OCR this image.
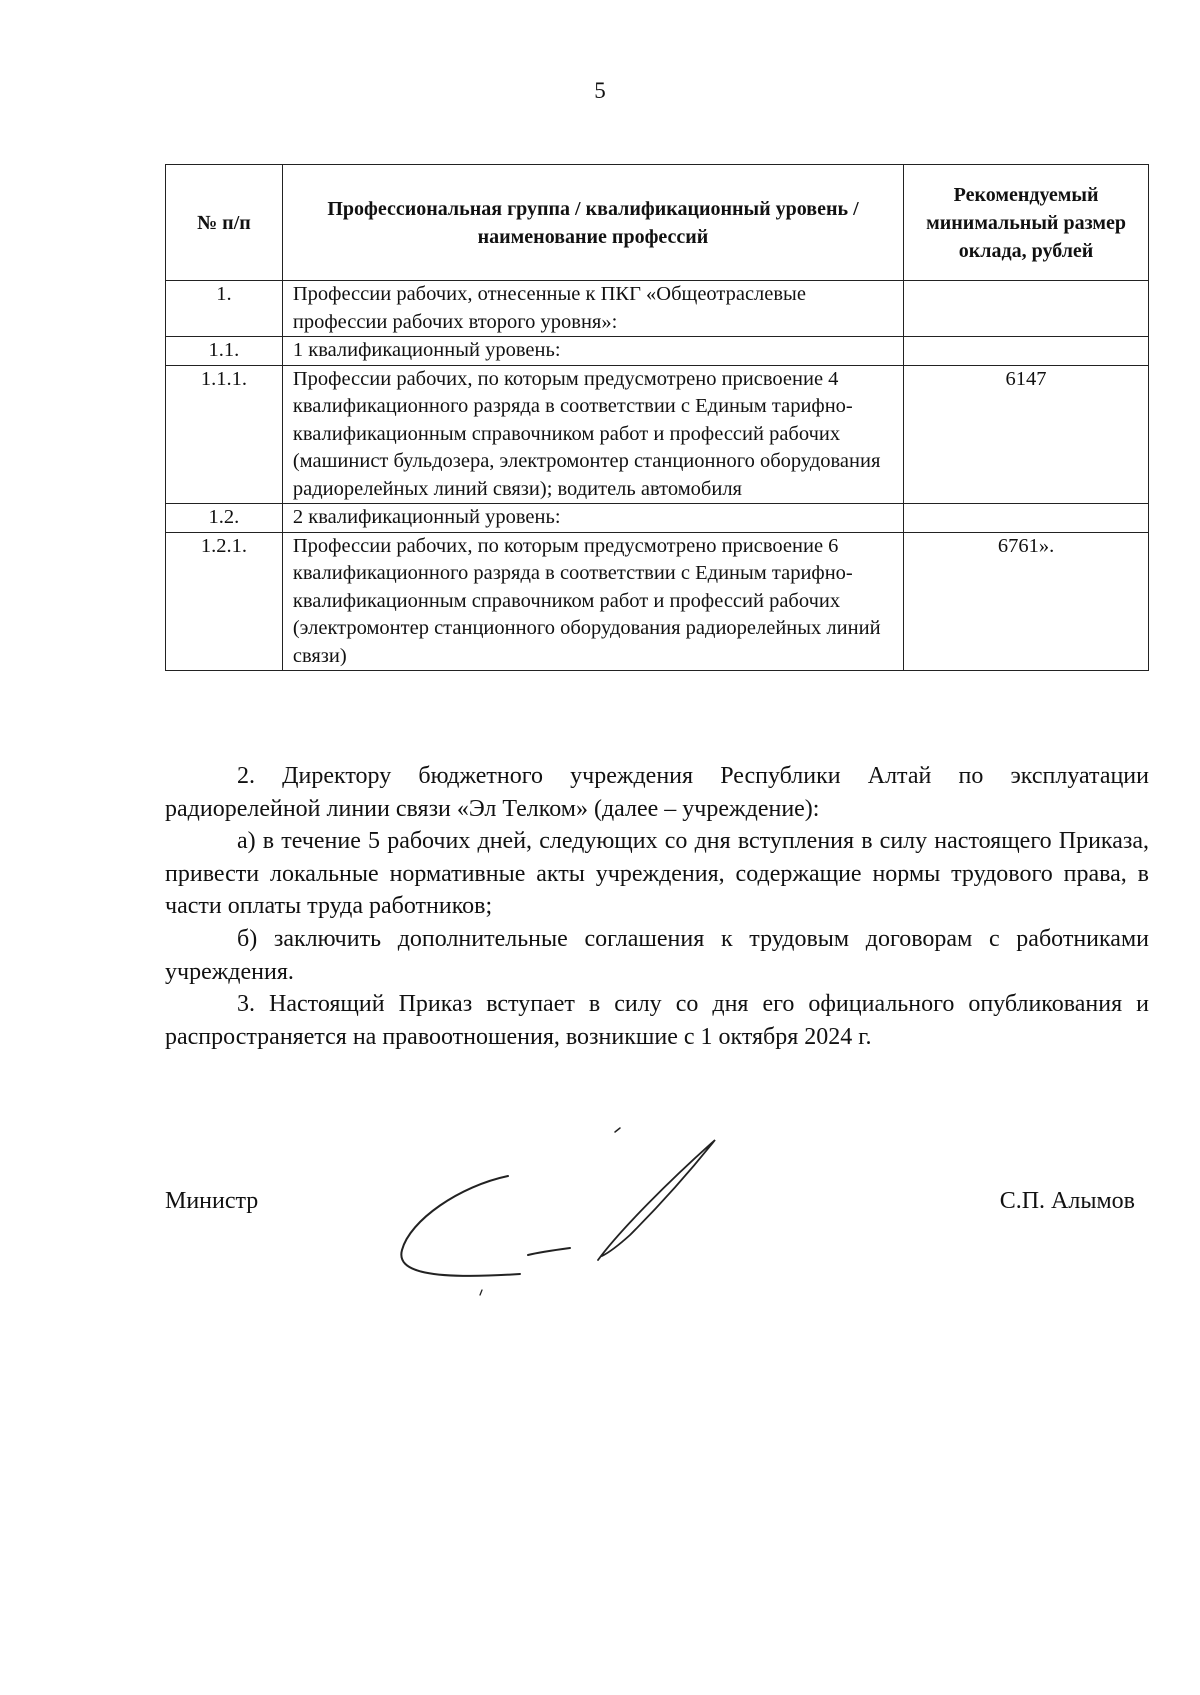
5
№ п/п	Профессиональная группа / квалификационный уровень / наименование профессий	Рекомендуемый минимальный размер оклада, рублей
1.	Профессии рабочих, отнесенные к ПКГ «Общеотраслевые профессии рабочих второго уровня»:	
1.1.	1 квалификационный уровень:	
1.1.1.	Профессии рабочих, по которым предусмотрено присвоение 4 квалификационного разряда в соответствии с Единым тарифно-квалификационным справочником работ и профессий рабочих (машинист бульдозера, электромонтер станционного оборудования радиорелейных линий связи); водитель автомобиля	6147
1.2.	2 квалификационный уровень:	
1.2.1.	Профессии рабочих, по которым предусмотрено присвоение 6 квалификационного разряда в соответствии с Единым тарифно-квалификационным справочником работ и профессий рабочих (электромонтер станционного оборудования радиорелейных линий связи)	6761».

2. Директору бюджетного учреждения Республики Алтай по эксплуатации радиорелейной линии связи «Эл Телком» (далее – учреждение):

а) в течение 5 рабочих дней, следующих со дня вступления в силу настоящего Приказа, привести локальные нормативные акты учреждения, содержащие нормы трудового права, в части оплаты труда работников;

б) заключить дополнительные соглашения к трудовым договорам с работниками учреждения.

3. Настоящий Приказ вступает в силу со дня его официального опубликования и распространяется на правоотношения, возникшие с 1 октября 2024 г.

Министр	С.П. Алымов
